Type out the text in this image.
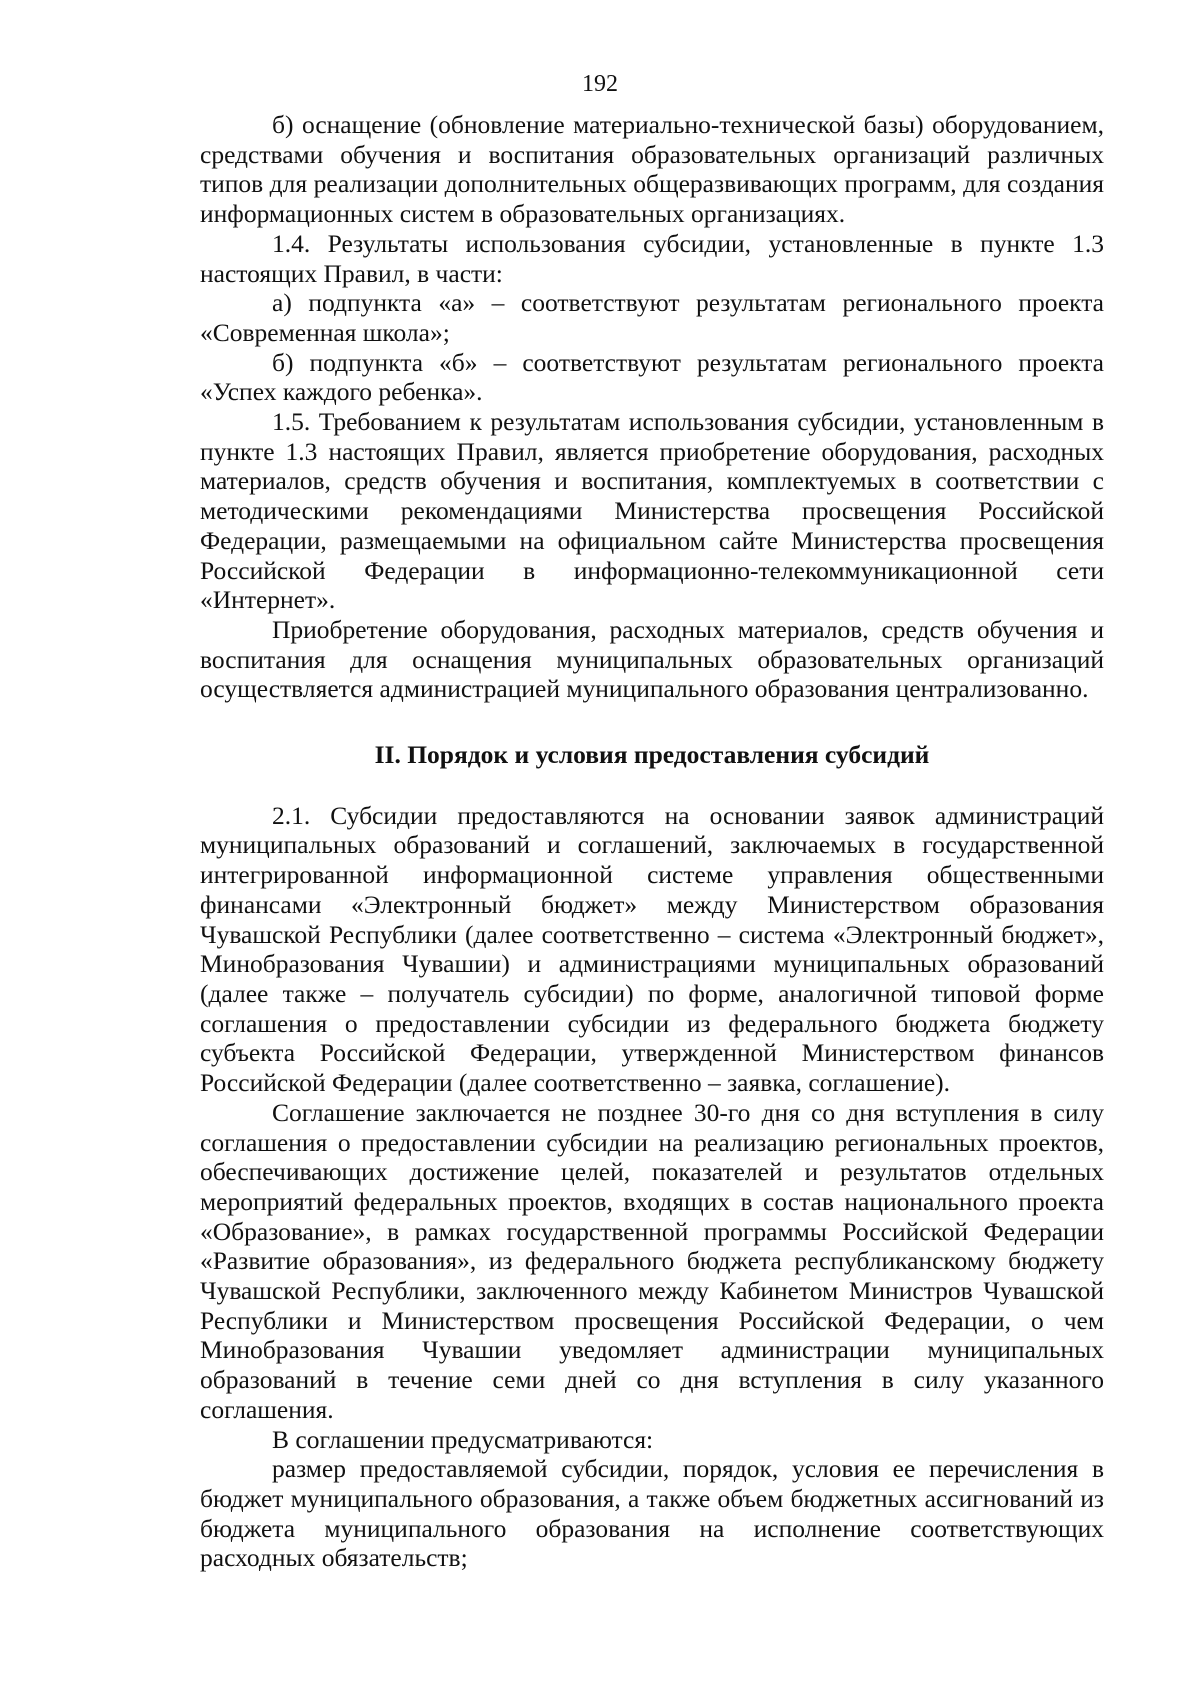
192

б) оснащение (обновление материально-технической базы) оборудованием, средствами обучения и воспитания образовательных организаций различных типов для реализации дополнительных общеразвивающих программ, для создания информационных систем в образовательных организациях.

1.4. Результаты использования субсидии, установленные в пункте 1.3 настоящих Правил, в части:

а) подпункта «а» – соответствуют результатам регионального проекта «Современная школа»;

б) подпункта «б» – соответствуют результатам регионального проекта «Успех каждого ребенка».

1.5. Требованием к результатам использования субсидии, установленным в пункте 1.3 настоящих Правил, является приобретение оборудования, расходных материалов, средств обучения и воспитания, комплектуемых в соответствии с методическими рекомендациями Министерства просвещения Российской Федерации, размещаемыми на официальном сайте Министерства просвещения Российской Федерации в информационно-телекоммуникационной сети «Интернет».

Приобретение оборудования, расходных материалов, средств обучения и воспитания для оснащения муниципальных образовательных организаций осуществляется администрацией муниципального образования централизованно.

II. Порядок и условия предоставления субсидий

2.1. Субсидии предоставляются на основании заявок администраций муниципальных образований и соглашений, заключаемых в государственной интегрированной информационной системе управления общественными финансами «Электронный бюджет» между Министерством образования Чувашской Республики (далее соответственно – система «Электронный бюджет», Минобразования Чувашии) и администрациями муниципальных образований (далее также – получатель субсидии) по форме, аналогичной типовой форме соглашения о предоставлении субсидии из федерального бюджета бюджету субъекта Российской Федерации, утвержденной Министерством финансов Российской Федерации (далее соответственно – заявка, соглашение).

Соглашение заключается не позднее 30-го дня со дня вступления в силу соглашения о предоставлении субсидии на реализацию региональных проектов, обеспечивающих достижение целей, показателей и результатов отдельных мероприятий федеральных проектов, входящих в состав национального проекта «Образование», в рамках государственной программы Российской Федерации «Развитие образования», из федерального бюджета республиканскому бюджету Чувашской Республики, заключенного между Кабинетом Министров Чувашской Республики и Министерством просвещения Российской Федерации, о чем Минобразования Чувашии уведомляет администрации муниципальных образований в течение семи дней со дня вступления в силу указанного соглашения.

В соглашении предусматриваются:

размер предоставляемой субсидии, порядок, условия ее перечисления в бюджет муниципального образования, а также объем бюджетных ассигнований из бюджета муниципального образования на исполнение соответствующих расходных обязательств;
